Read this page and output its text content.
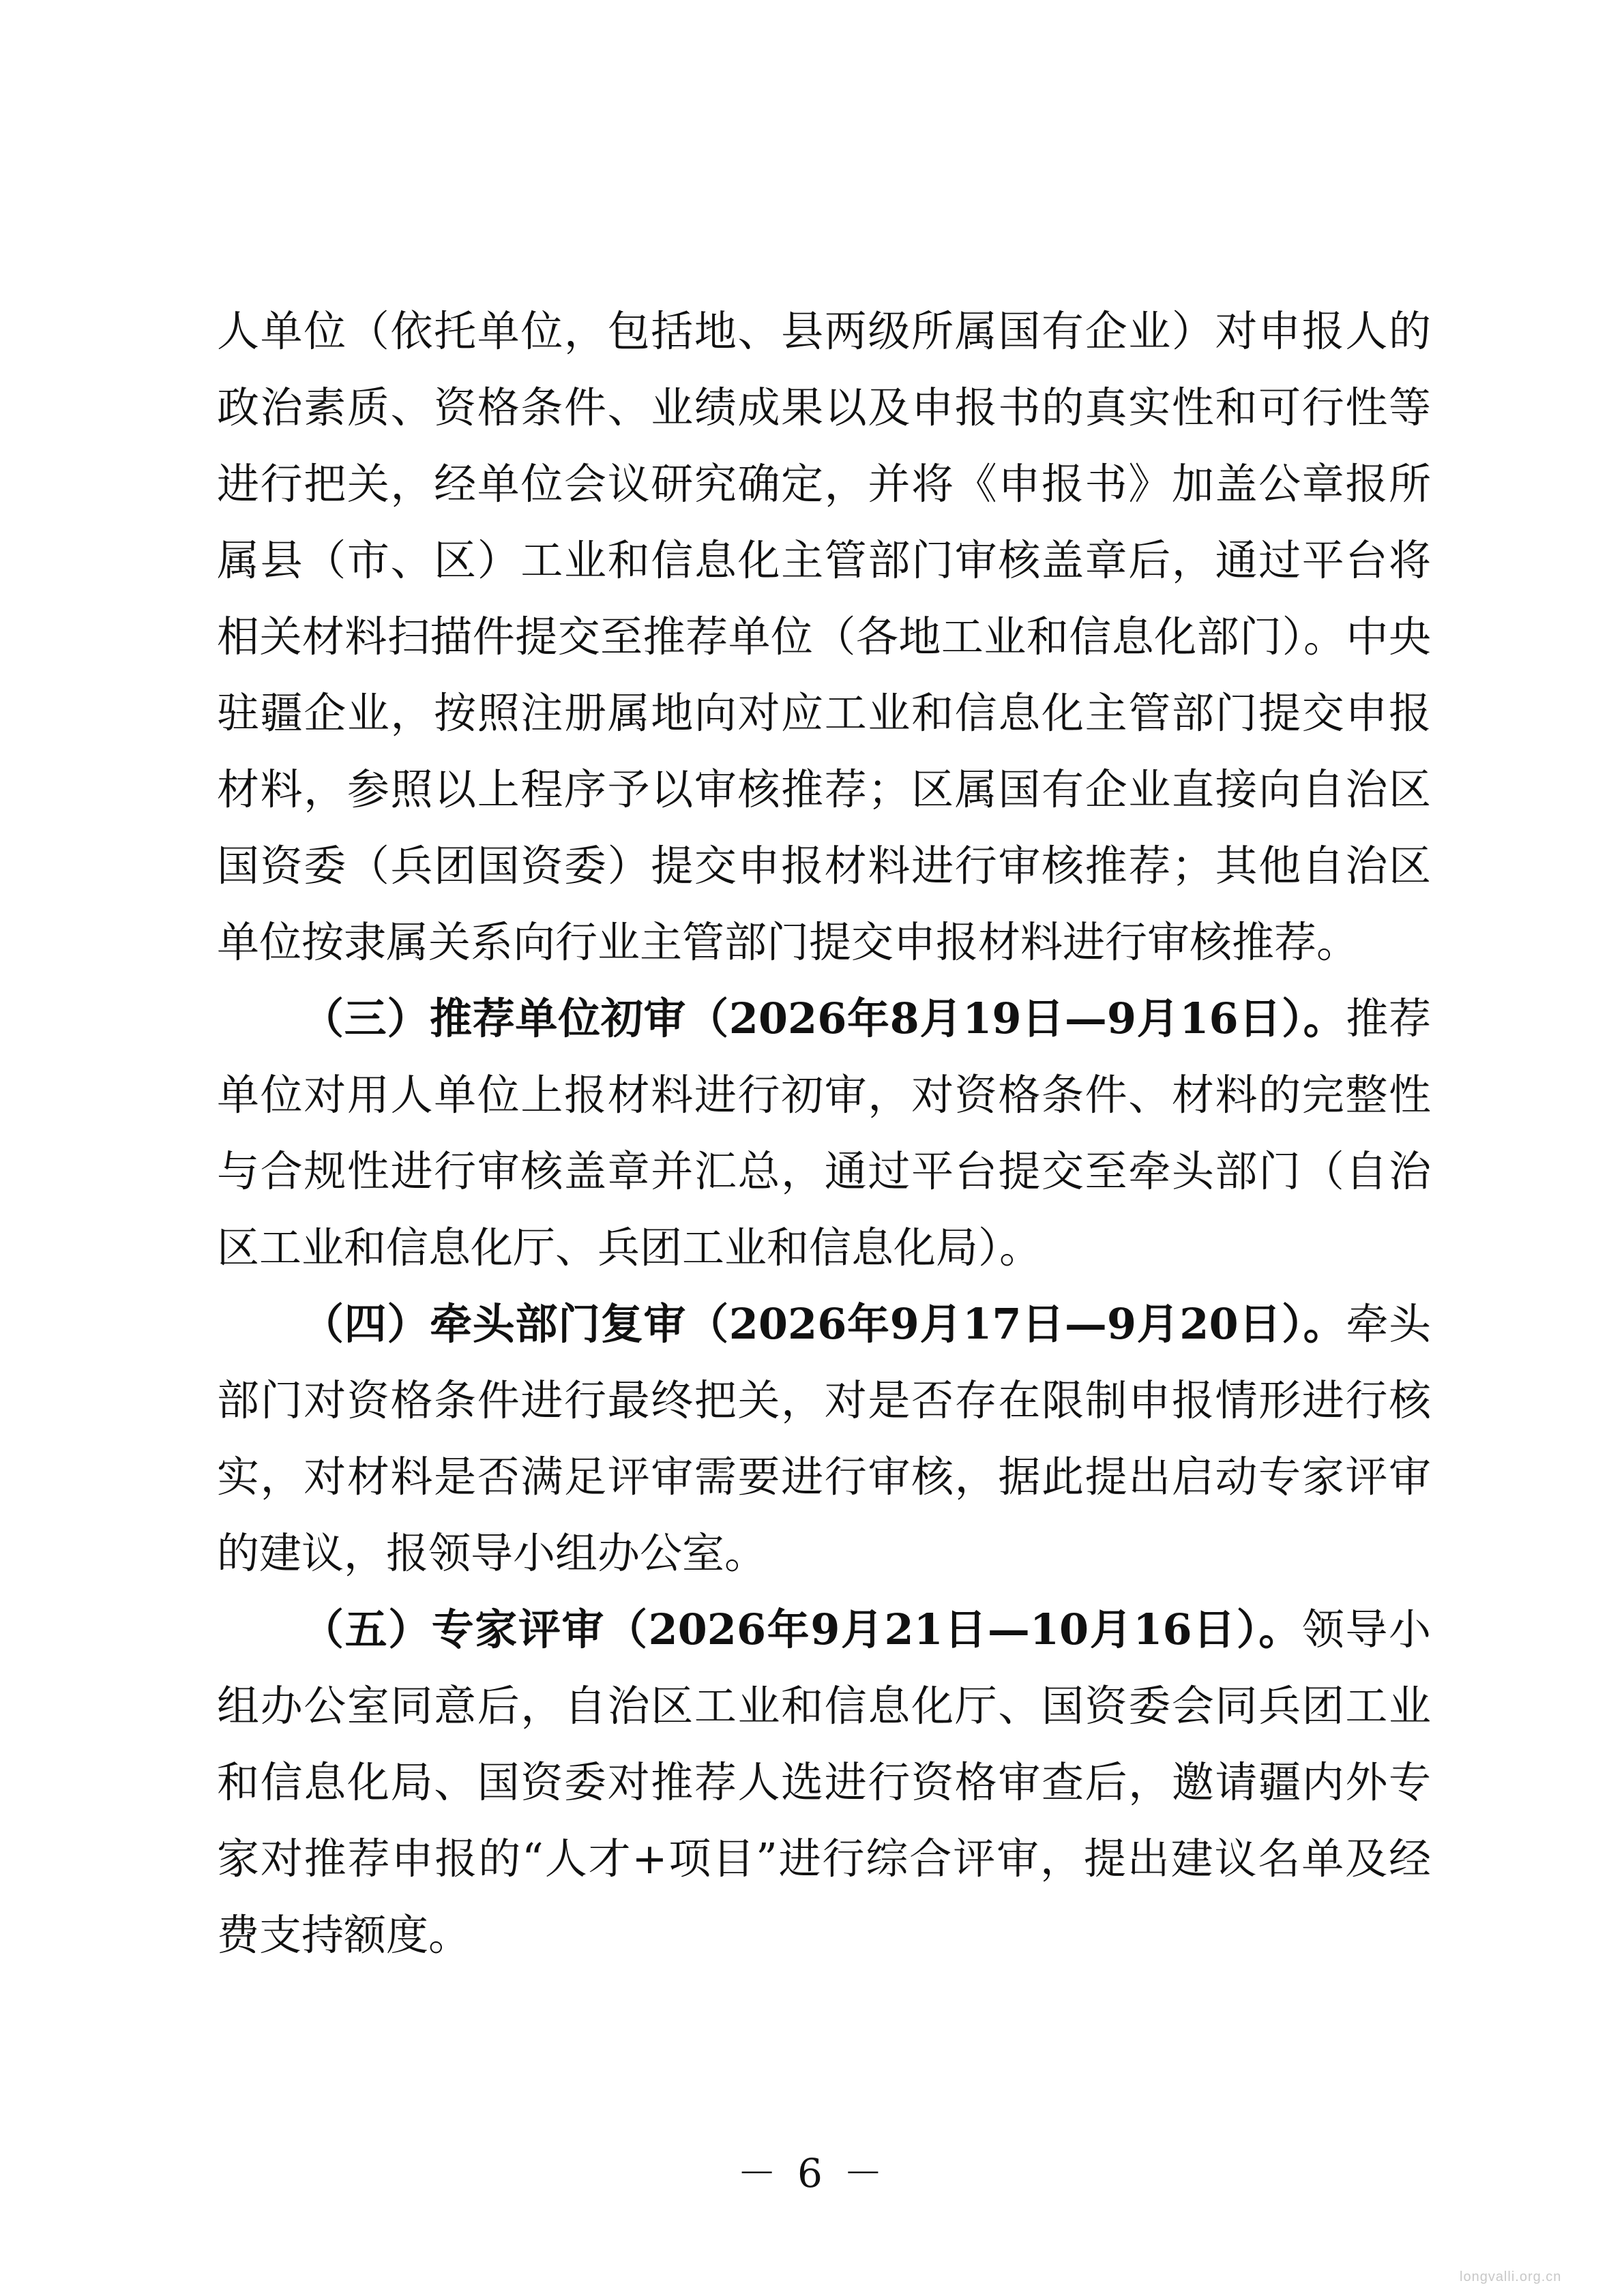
人单位（依托单位，包括地、县两级所属国有企业）对申报人的政治素质、资格条件、业绩成果以及申报书的真实性和可行性等进行把关，经单位会议研究确定，并将《申报书》加盖公章报所属县（市、区）工业和信息化主管部门审核盖章后，通过平台将相关材料扫描件提交至推荐单位（各地工业和信息化部门）。中央驻疆企业，按照注册属地向对应工业和信息化主管部门提交申报材料，参照以上程序予以审核推荐；区属国有企业直接向自治区国资委（兵团国资委）提交申报材料进行审核推荐；其他自治区单位按隶属关系向行业主管部门提交申报材料进行审核推荐。

（三）推荐单位初审（2026年8月19日—9月16日）。推荐单位对用人单位上报材料进行初审，对资格条件、材料的完整性与合规性进行审核盖章并汇总，通过平台提交至牵头部门（自治区工业和信息化厅、兵团工业和信息化局）。

（四）牵头部门复审（2026年9月17日—9月20日）。牵头部门对资格条件进行最终把关，对是否存在限制申报情形进行核实，对材料是否满足评审需要进行审核，据此提出启动专家评审的建议，报领导小组办公室。

（五）专家评审（2026年9月21日—10月16日）。领导小组办公室同意后，自治区工业和信息化厅、国资委会同兵团工业和信息化局、国资委对推荐人选进行资格审查后，邀请疆内外专家对推荐申报的“人才+项目”进行综合评审，提出建议名单及经费支持额度。

－ 6 －
longvalli.org.cn
